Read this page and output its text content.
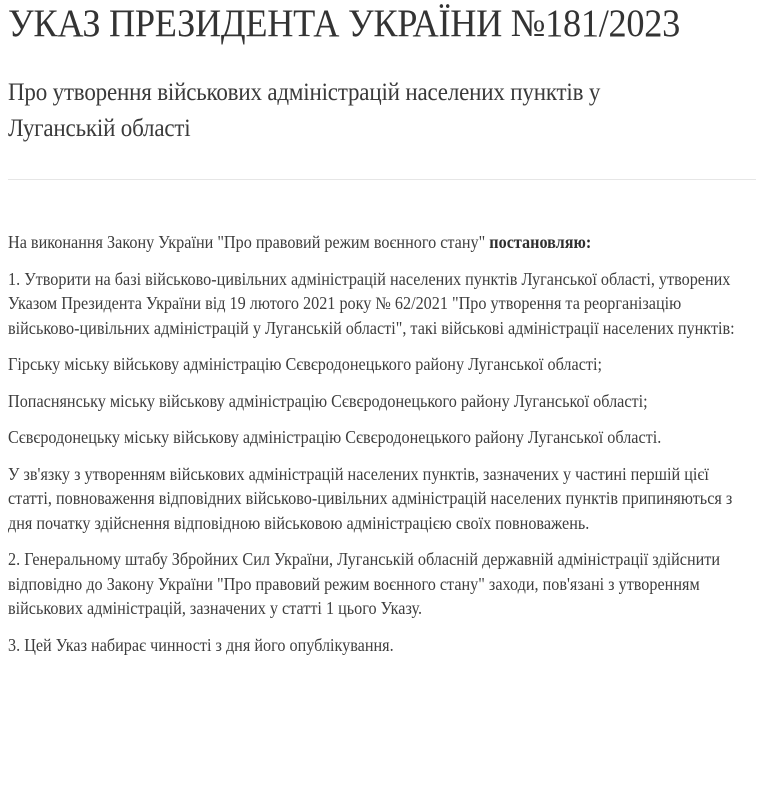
УКАЗ ПРЕЗИДЕНТА УКРАЇНИ №181/2023
Про утворення військових адміністрацій населених пунктів у Луганській області

На виконання Закону України "Про правовий режим воєнного стану" постановляю:

1. Утворити на базі військово-цивільних адміністрацій населених пунктів Луганської області, утворених Указом Президента України від 19 лютого 2021 року № 62/2021 "Про утворення та реорганізацію військово-цивільних адміністрацій у Луганській області", такі військові адміністрації населених пунктів:

Гірську міську військову адміністрацію Сєвєродонецького району Луганської області;

Попаснянську міську військову адміністрацію Сєвєродонецького району Луганської області;

Сєвєродонецьку міську військову адміністрацію Сєвєродонецького району Луганської області.

У зв'язку з утворенням військових адміністрацій населених пунктів, зазначених у частині першій цієї статті, повноваження відповідних військово-цивільних адміністрацій населених пунктів припиняються з дня початку здійснення відповідною військовою адміністрацією своїх повноважень.

2. Генеральному штабу Збройних Сил України, Луганській обласній державній адміністрації здійснити відповідно до Закону України "Про правовий режим воєнного стану" заходи, пов'язані з утворенням військових адміністрацій, зазначених у статті 1 цього Указу.

3. Цей Указ набирає чинності з дня його опублікування.
